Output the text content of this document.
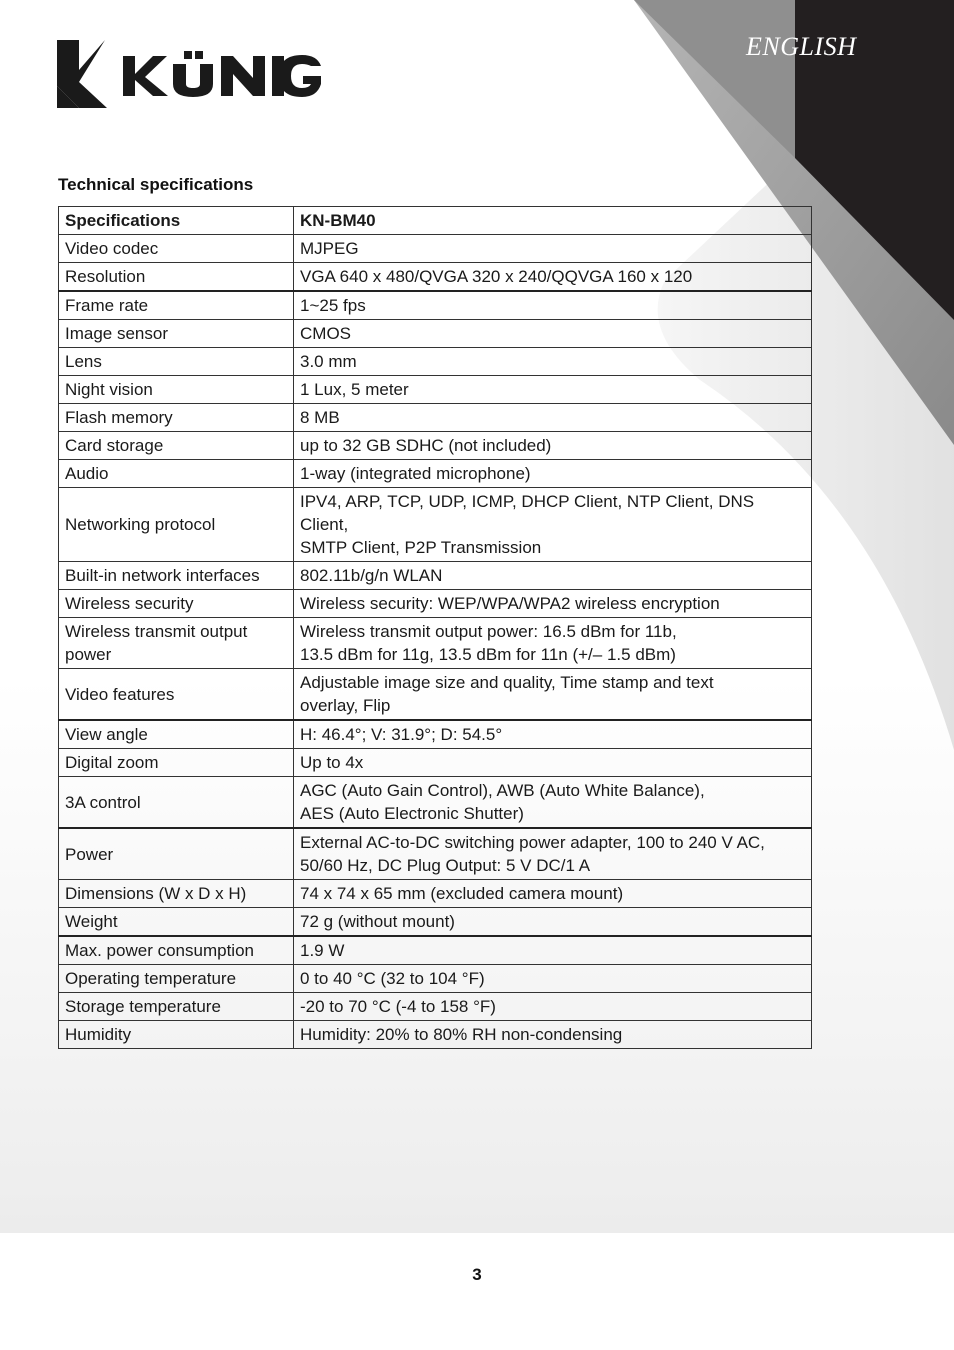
ENGLISH
Technical specifications
Specifications	KN-BM40
Video codec	MJPEG
Resolution	VGA 640 x 480/QVGA 320 x 240/QQVGA 160 x 120
Frame rate	1~25 fps
Image sensor	CMOS
Lens	3.0 mm
Night vision	1 Lux, 5 meter
Flash memory	8 MB
Card storage	up to 32 GB SDHC (not included)
Audio	1-way (integrated microphone)
Networking protocol	IPV4, ARP, TCP, UDP, ICMP, DHCP Client, NTP Client, DNS Client,
SMTP Client, P2P Transmission
Built-in network interfaces	802.11b/g/n WLAN
Wireless security	Wireless security: WEP/WPA/WPA2 wireless encryption
Wireless transmit output
power	Wireless transmit output power: 16.5 dBm for 11b,
13.5 dBm for 11g, 13.5 dBm for 11n (+/– 1.5 dBm)
Video features	Adjustable image size and quality, Time stamp and text
overlay, Flip
View angle	H: 46.4°; V: 31.9°; D: 54.5°
Digital zoom	Up to 4x
3A control	AGC (Auto Gain Control), AWB (Auto White Balance),
AES (Auto Electronic Shutter)
Power	External AC-to-DC switching power adapter, 100 to 240 V AC,
50/60 Hz, DC Plug Output: 5 V DC/1 A
Dimensions (W x D x H)	74 x 74 x 65 mm (excluded camera mount)
Weight	72 g (without mount)
Max. power consumption	1.9 W
Operating temperature	0 to 40 °C (32 to 104 °F)
Storage temperature	-20 to 70 °C (-4 to 158 °F)
Humidity	Humidity: 20% to 80% RH non-condensing
3
